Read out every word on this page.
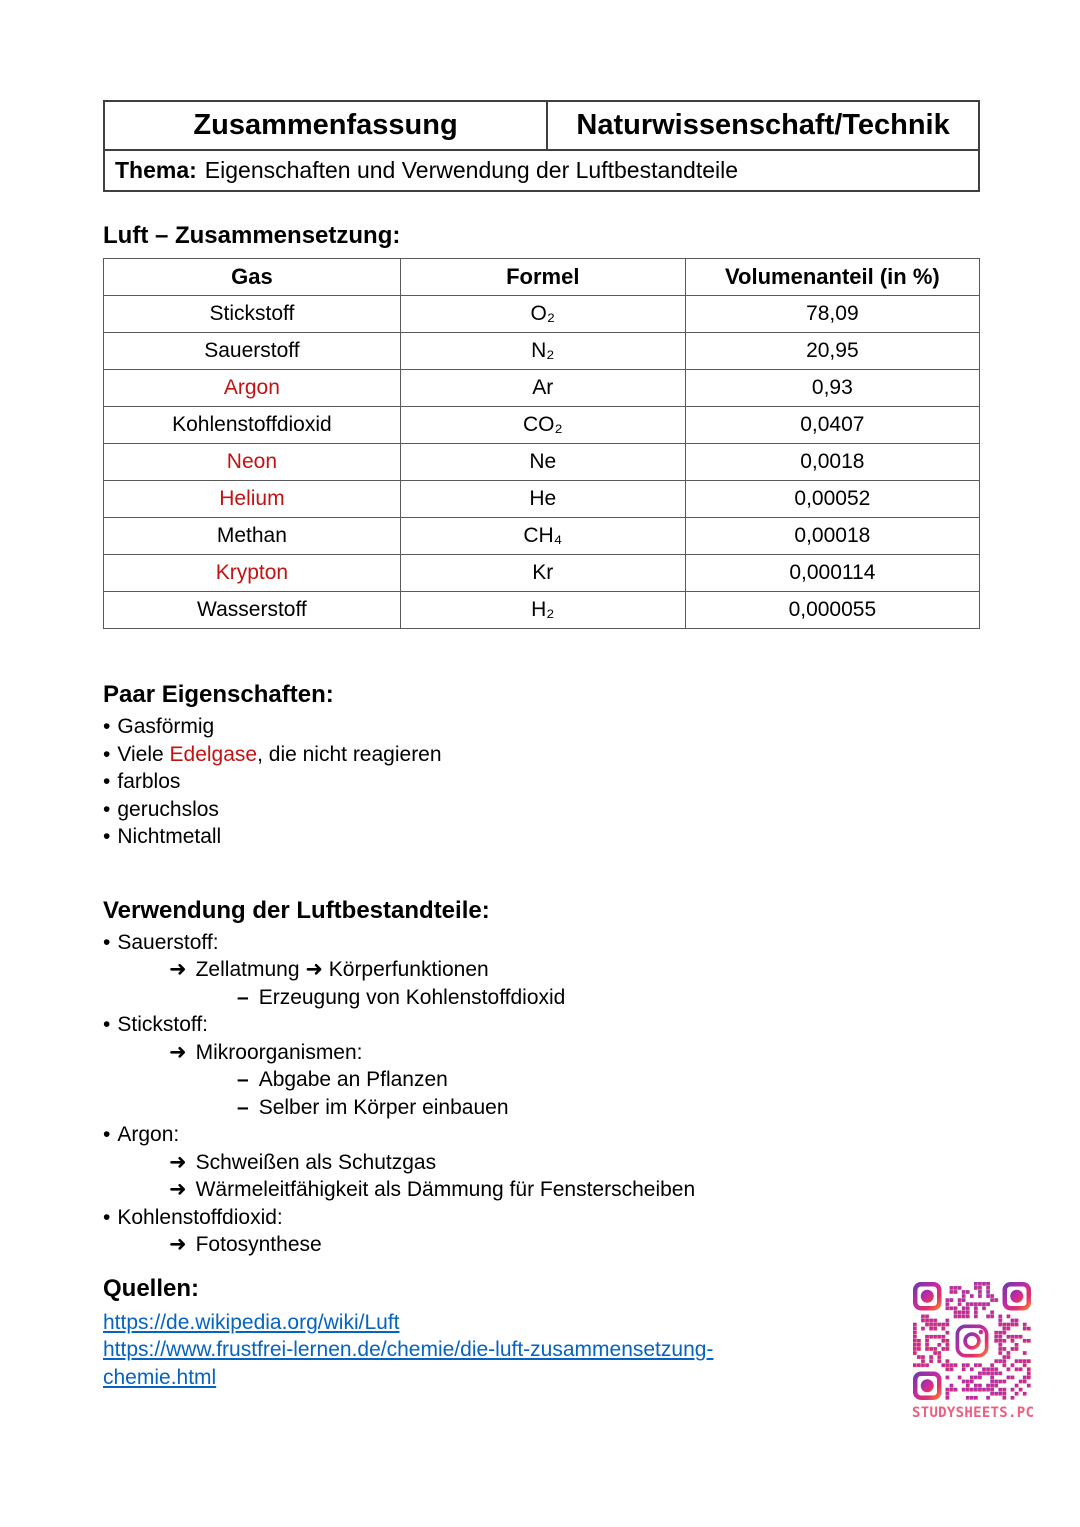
Zusammenfassung	Naturwissenschaft/Technik
Thema: Eigenschaften und Verwendung der Luftbestandteile
Luft – Zusammensetzung:
Gas	Formel	Volumenanteil (in %)
Stickstoff	O₂	78,09
Sauerstoff	N₂	20,95
Argon	Ar	0,93
Kohlenstoffdioxid	CO₂	0,0407
Neon	Ne	0,0018
Helium	He	0,00052
Methan	CH₄	0,00018
Krypton	Kr	0,000114
Wasserstoff	H₂	0,000055
Paar Eigenschaften:
• Gasförmig
• Viele Edelgase, die nicht reagieren
• farblos
• geruchslos
• Nichtmetall
Verwendung der Luftbestandteile:
• Sauerstoff:
➜ Zellatmung ➜ Körperfunktionen
– Erzeugung von Kohlenstoffdioxid
• Stickstoff:
➜ Mikroorganismen:
– Abgabe an Pflanzen
– Selber im Körper einbauen
• Argon:
➜ Schweißen als Schutzgas
➜ Wärmeleitfähigkeit als Dämmung für Fensterscheiben
• Kohlenstoffdioxid:
➜ Fotosynthese
Quellen:
https://de.wikipedia.org/wiki/Luft
https://www.frustfrei-lernen.de/chemie/die-luft-zusammensetzung-chemie.html
STUDYSHEETS.PC
